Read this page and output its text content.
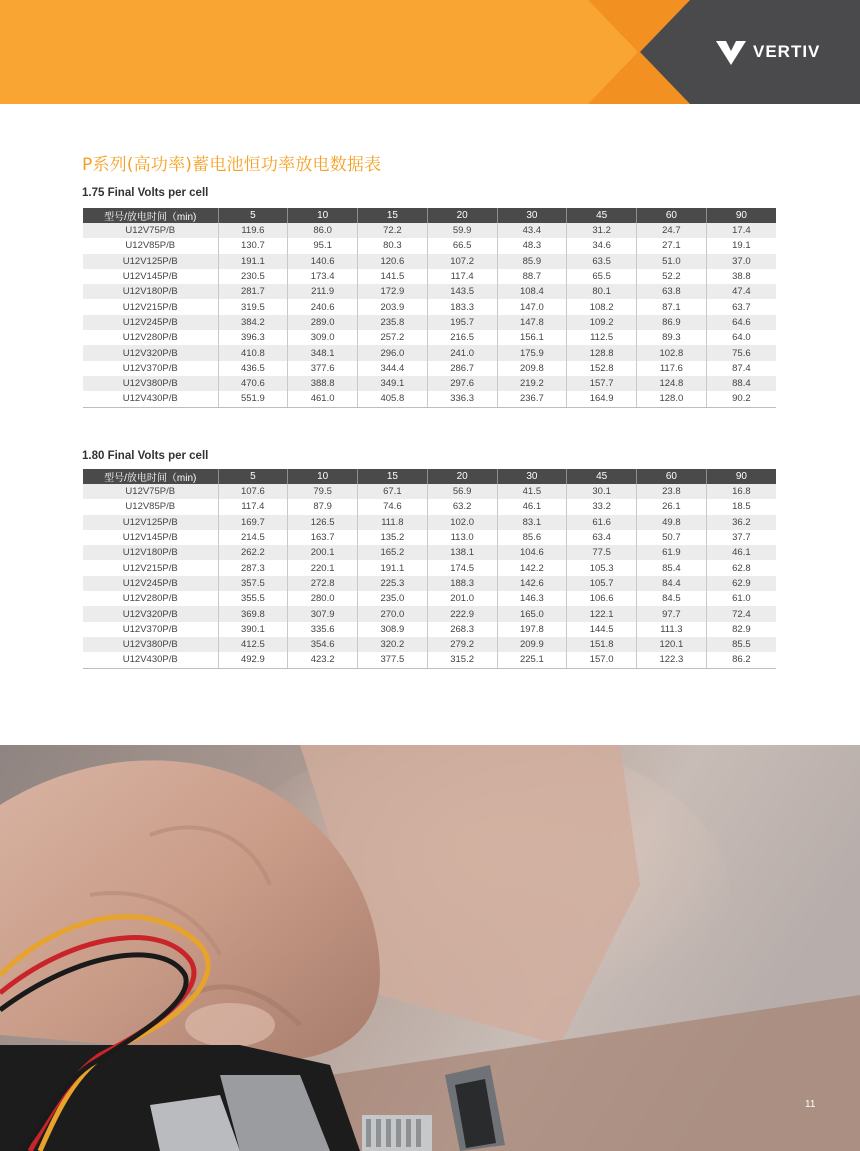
VERTIV
P系列(高功率)蓄电池恒功率放电数据表
1.75 Final Volts per cell
型号/放电时间（min)	5	10	15	20	30	45	60	90
U12V75P/B	119.6	86.0	72.2	59.9	43.4	31.2	24.7	17.4
U12V85P/B	130.7	95.1	80.3	66.5	48.3	34.6	27.1	19.1
U12V125P/B	191.1	140.6	120.6	107.2	85.9	63.5	51.0	37.0
U12V145P/B	230.5	173.4	141.5	117.4	88.7	65.5	52.2	38.8
U12V180P/B	281.7	211.9	172.9	143.5	108.4	80.1	63.8	47.4
U12V215P/B	319.5	240.6	203.9	183.3	147.0	108.2	87.1	63.7
U12V245P/B	384.2	289.0	235.8	195.7	147.8	109.2	86.9	64.6
U12V280P/B	396.3	309.0	257.2	216.5	156.1	112.5	89.3	64.0
U12V320P/B	410.8	348.1	296.0	241.0	175.9	128.8	102.8	75.6
U12V370P/B	436.5	377.6	344.4	286.7	209.8	152.8	117.6	87.4
U12V380P/B	470.6	388.8	349.1	297.6	219.2	157.7	124.8	88.4
U12V430P/B	551.9	461.0	405.8	336.3	236.7	164.9	128.0	90.2
1.80 Final Volts per cell
型号/放电时间（min)	5	10	15	20	30	45	60	90
U12V75P/B	107.6	79.5	67.1	56.9	41.5	30.1	23.8	16.8
U12V85P/B	117.4	87.9	74.6	63.2	46.1	33.2	26.1	18.5
U12V125P/B	169.7	126.5	111.8	102.0	83.1	61.6	49.8	36.2
U12V145P/B	214.5	163.7	135.2	113.0	85.6	63.4	50.7	37.7
U12V180P/B	262.2	200.1	165.2	138.1	104.6	77.5	61.9	46.1
U12V215P/B	287.3	220.1	191.1	174.5	142.2	105.3	85.4	62.8
U12V245P/B	357.5	272.8	225.3	188.3	142.6	105.7	84.4	62.9
U12V280P/B	355.5	280.0	235.0	201.0	146.3	106.6	84.5	61.0
U12V320P/B	369.8	307.9	270.0	222.9	165.0	122.1	97.7	72.4
U12V370P/B	390.1	335.6	308.9	268.3	197.8	144.5	111.3	82.9
U12V380P/B	412.5	354.6	320.2	279.2	209.9	151.8	120.1	85.5
U12V430P/B	492.9	423.2	377.5	315.2	225.1	157.0	122.3	86.2
11
